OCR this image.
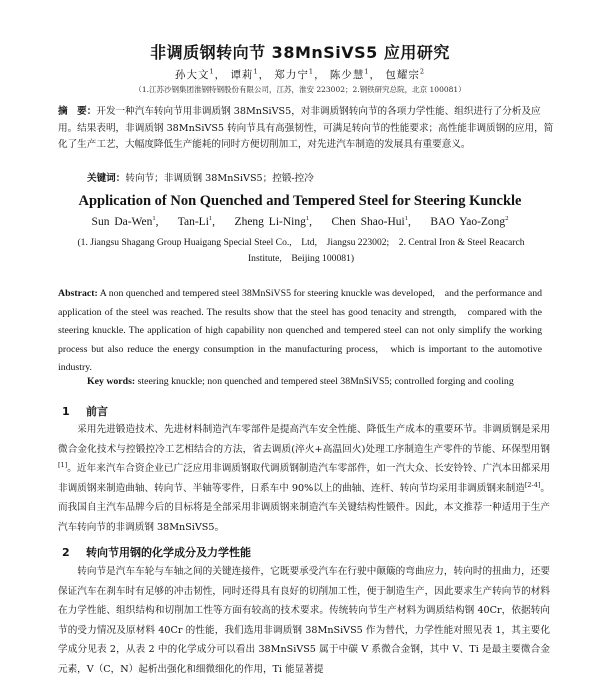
非调质钢转向节 38MnSiVS5 应用研究
孙大文$^1$， 谭莉$^1$， 郑力宁$^1$， 陈少慧$^1$， 包耀宗$^2$
（1.江苏沙钢集团淮钢特钢股份有限公司，江苏，淮安 223002；2.钢铁研究总院，北京 100081）
摘　要：开发一种汽车转向节用非调质钢 38MnSiVS5，对非调质钢转向节的各项力学性能、组织进行了分析及应用。结果表明，非调质钢 38MnSiVS5 转向节具有高强韧性，可满足转向节的性能要求；高性能非调质钢的应用，简化了生产工艺，大幅度降低生产能耗的同时方便切削加工，对先进汽车制造的发展具有重要意义。
关键词：转向节；非调质钢 38MnSiVS5；控锻-控冷
Application of Non Quenched and Tempered Steel for Steering Kunckle
Sun Da-Wen$^1$,    Tan-Li$^1$,    Zheng Li-Ning$^1$,    Chen Shao-Hui$^1$,    BAO Yao-Zong$^2$
(1. Jiangsu Shagang Group Huaigang Special Steel Co.,　Ltd,　Jiangsu 223002;　2. Central Iron & Steel Reacarch Institute,　Beijing 100081)
Abstract: A non quenched and tempered steel 38MnSiVS5 for steering knuckle was developed,　and the performance and application of the steel was reached. The results show that the steel has good tenacity and strength,　compared with the steering knuckle. The application of high capability non quenched and tempered steel can not only simplify the working process but also reduce the energy consumption in the manufacturing process,　which is important to the automotive industry.
Key words: steering knuckle; non quenched and tempered steel 38MnSiVS5; controlled forging and cooling
1 前言

采用先进锻造技术、先进材料制造汽车零部件是提高汽车安全性能、降低生产成本的重要环节。非调质钢是采用微合金化技术与控锻控冷工艺相结合的方法，省去调质(淬火+高温回火)处理工序制造生产零件的节能、环保型用钢[1]。近年来汽车合资企业已广泛应用非调质钢取代调质钢制造汽车零部件，如一汽大众、长安铃铃、广汽本田都采用非调质钢来制造曲轴、转向节、半轴等零件，日系车中 90%以上的曲轴、连杆、转向节均采用非调质钢来制造[2-4]。而我国自主汽车品牌今后的目标将是全部采用非调质钢来制造汽车关键结构性锻件。因此，本文推荐一种适用于生产汽车转向节的非调质钢 38MnSiVS5。

2 转向节用钢的化学成分及力学性能

转向节是汽车车轮与车轴之间的关键连接件，它既要承受汽车在行驶中颠簸的弯曲应力，转向时的扭曲力，还要保证汽车在刹车时有足够的冲击韧性，同时还得具有良好的切削加工性，便于制造生产，因此要求生产转向节的材料在力学性能、组织结构和切削加工性等方面有较高的技术要求。传统转向节生产材料为调质结构钢 40Cr，依据转向节的受力情况及原材料 40Cr 的性能，我们选用非调质钢 38MnSiVS5 作为替代，力学性能对照见表 1，其主要化学成分见表 2，从表 2 中的化学成分可以看出 38MnSiVS5 属于中碳 V 系微合金钢，其中 V、Ti 是最主要微合金元素，V（C，N）起析出强化和细微细化的作用，Ti 能显著提
